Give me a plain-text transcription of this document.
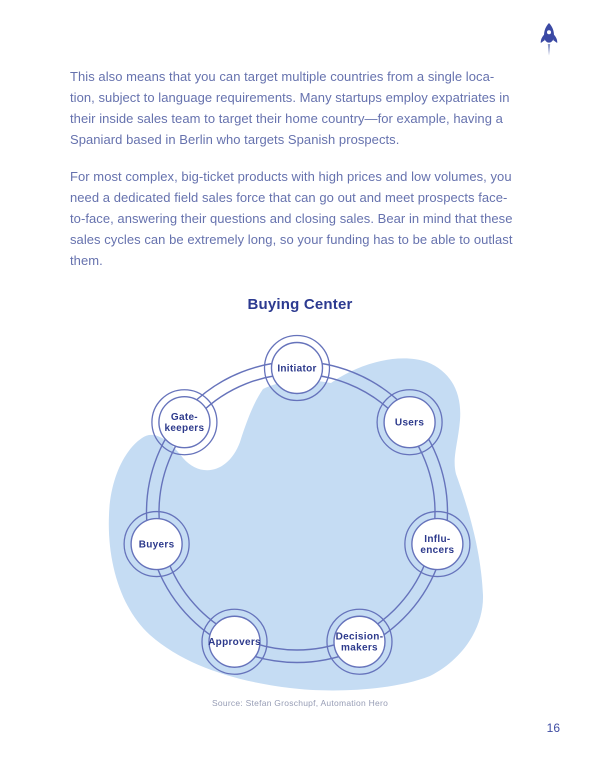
This also means that you can target multiple countries from a single loca-
tion, subject to language requirements. Many startups employ expatriates in
their inside sales team to target their home country—for example, having a
Spaniard based in Berlin who targets Spanish prospects.
For most complex, big-ticket products with high prices and low volumes, you
need a dedicated field sales force that can go out and meet prospects face-
to-face, answering their questions and closing sales. Bear in mind that these
sales cycles can be extremely long, so your funding has to be able to outlast
them.
Buying Center
Initiator
Users
Influ-encers
Decision-makers
Approvers
Buyers
Gate-keepers
Source: Stefan Groschupf, Automation Hero
16
